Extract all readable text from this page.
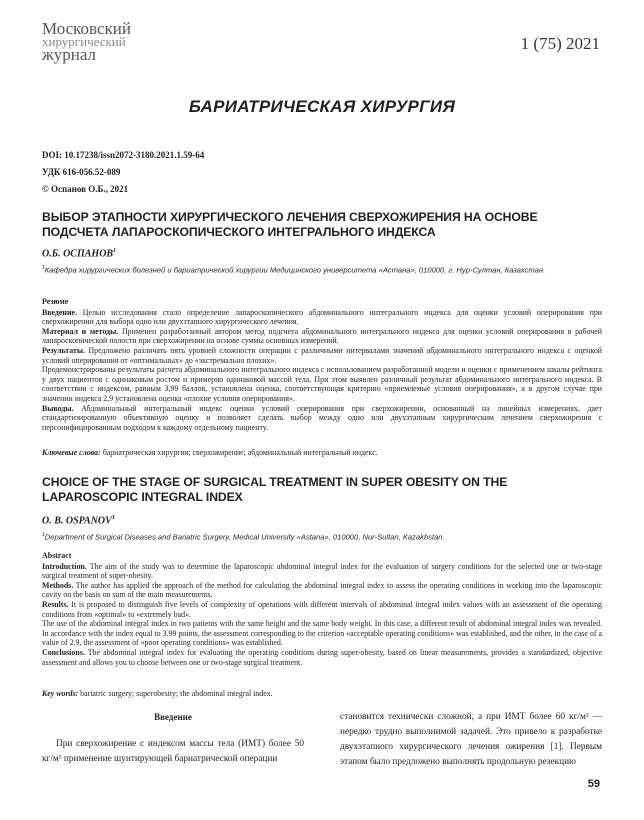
Московский
хирургический
журнал
1 (75) 2021
БАРИАТРИЧЕСКАЯ ХИРУРГИЯ
DOI: 10.17238/issn2072-3180.2021.1.59-64
УДК 616-056.52-089
© Оспанов О.Б., 2021
ВЫБОР ЭТАПНОСТИ ХИРУРГИЧЕСКОГО ЛЕЧЕНИЯ СВЕРХОЖИРЕНИЯ НА ОСНОВЕ ПОДСЧЕТА ЛАПАРОСКОПИЧЕСКОГО ИНТЕГРАЛЬНОГО ИНДЕКСА
О.Б. ОСПАНОВ$^1$
$^1$Кафедра хирургических болезней и бариатрической хирургии Медицинского университета «Астана», 010000, г. Нур-Султан, Казахстан.

Резюме

Введение. Целью исследования стало определение лапароскопического абдоминального интегрального индекса для оценки условий оперирования при сверхожирении для выбора одно или двухэтапного хирургического лечения.

Материал и методы. Применен разработанный автором метод подсчета абдоминального интегрального индекса для оценки условий оперирования в рабочей лапароскопической полости при сверхожирении на основе суммы основных измерений.

Результаты. Предложено различать пять уровней сложности операции с различными интервалами значений абдоминального интегрального индекса с оценкой условий оперирования от «оптимальных» до «экстремально плохих».

Продемонстрированы результаты расчета абдоминального интегрального индекса с использованием разработанной модели и оценки с применением шкалы рейтинга у двух пациентов с одинаковым ростом и примерно одинаковой массой тела. При этом выявлен различный результат абдоминального интегрального индекса. В соответствии с индексом, равным 3,99 баллов, установлена оценка, соответствующая критерию «приемлемые условия оперирования», а в другом случае при значении индекса 2,9 установлена оценка «плохие условия оперирования».

Выводы. Абдоминальный интегральный индекс оценки условий оперирования при сверхожирении, основанный на линейных измерениях, дает стандартизированную объективную оценку и позволяет сделать выбор между одно или двухэтапным хирургическим лечением сверхожирения с персонифицированным подходом к каждому отдельному пациенту.

Ключевые слова: бариатрическая хирургия; сверхожирение; абдоминальный интегральный индекс.
CHOICE OF THE STAGE OF SURGICAL TREATMENT IN SUPER OBESITY ON THE LAPAROSCOPIC INTEGRAL INDEX
O. B. OSPANOV$^1$
$^1$Department of Surgical Diseases and Bariatric Surgery, Medical University «Astana», 010000, Nur-Sultan, Kazakhstan.

Abstract

Introduction. The aim of the study was to determine the laparoscopic abdominal integral index for the evaluation of surgery conditions for the selected one or two-stage surgical treatment of super-obesity.

Methods. The author has applied the approach of the method for calculating the abdominal integral index to assess the operating conditions in working into the laparoscopic cavity on the basis on sum of the main measurements.

Results. It is proposed to distinguish five levels of complexity of operations with different intervals of abdominal integral index values with an assessment of the operating conditions from «optimal» to «extremely bad».

The use of the abdominal integral index in two patients with the same height and the same body weight. In this case, a different result of abdominal integral index was revealed. In accordance with the index equal to 3.99 points, the assessment corresponding to the criterion «acceptable operating conditions» was established, and the other, in the case of a value of 2.9, the assessment of «poor operating conditions» was established.

Conclusions. The abdominal integral index for evaluating the operating conditions during super-obesity, based on linear measurements, provides a standardized, objective assessment and allows you to choose between one or two-stage surgical treatment.

Key words: bariatric surgery; superobesity; the abdominal integral index.
Введение

При сверхожирение с индексом массы тела (ИМТ) более 50 кг/м² применение шунтирующей бариатрической операции

становится технически сложной, а при ИМТ более 60 кг/м² — нередко трудно выполнимой задачей. Это привело к разработке двухэтапного хирургического лечения ожирения [1]. Первым этапом было предложено выполнять продольную резекцию

59
